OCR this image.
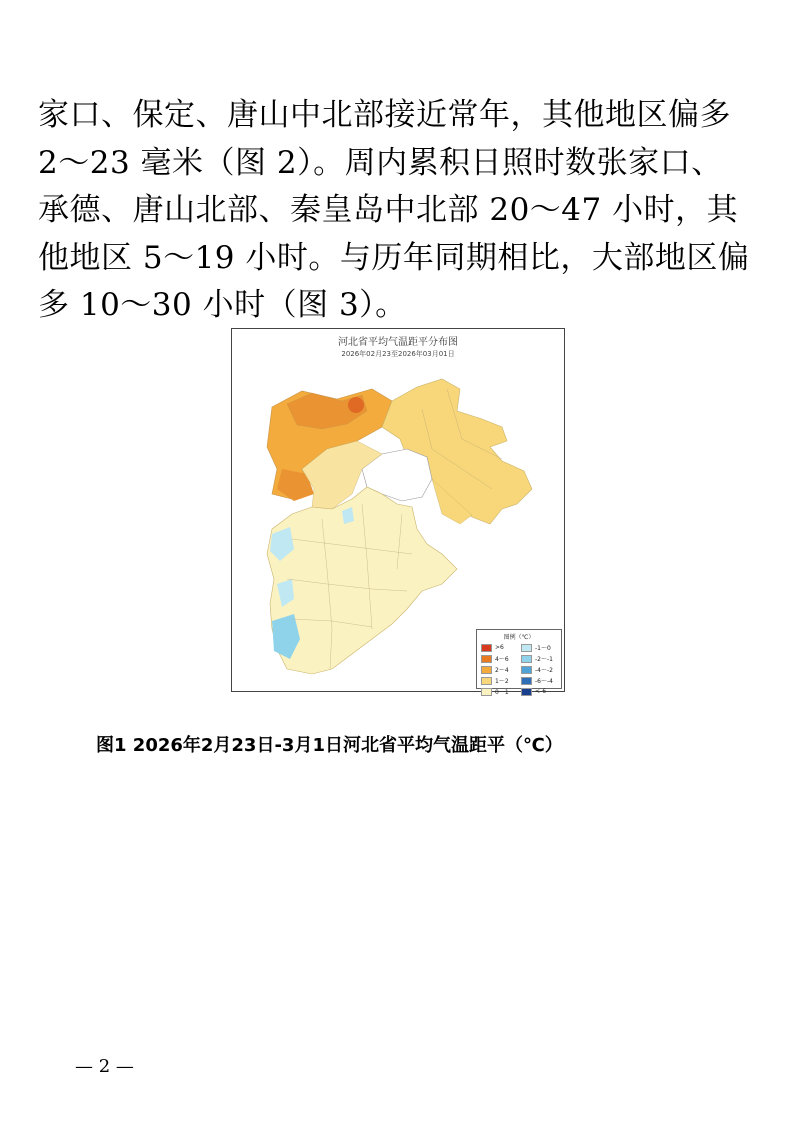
家口、保定、唐山中北部接近常年，其他地区偏多
2～23 毫米（图 2）。周内累积日照时数张家口、
承德、唐山北部、秦皇岛中北部 20～47 小时，其
他地区 5～19 小时。与历年同期相比，大部地区偏
多 10～30 小时（图 3）。
河北省平均气温距平分布图
2026年02月23至2026年03月01日
图例（℃）
>6	-1～0
4～6	-2～-1
2～4	-4～-2
1～2	-6～-4
0～1	<-6
图1 2026年2月23日-3月1日河北省平均气温距平（℃）
— 2 —
